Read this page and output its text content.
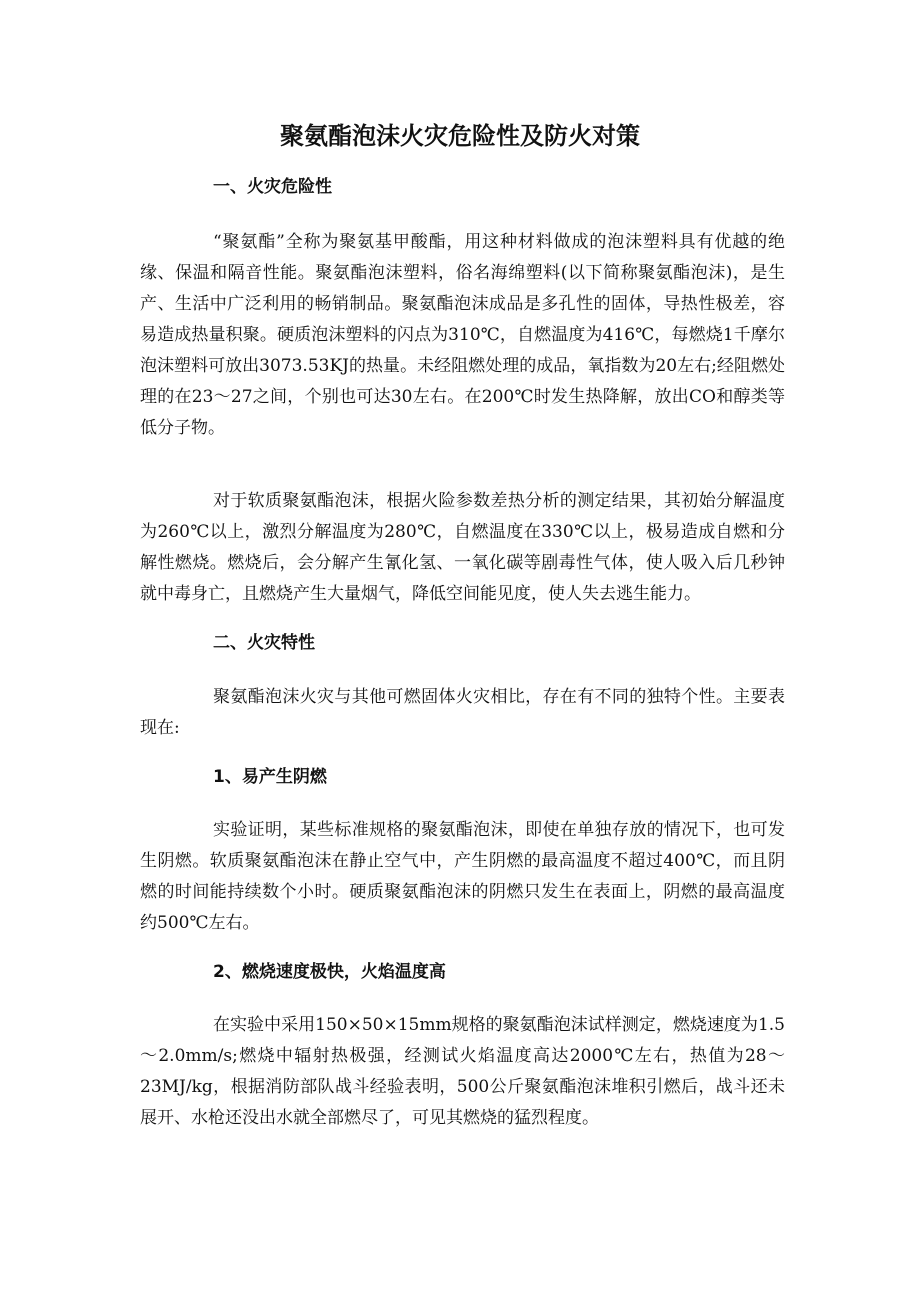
聚氨酯泡沫火灾危险性及防火对策
一、火灾危险性

“聚氨酯”全称为聚氨基甲酸酯，用这种材料做成的泡沫塑料具有优越的绝缘、保温和隔音性能。聚氨酯泡沫塑料，俗名海绵塑料(以下简称聚氨酯泡沫)，是生产、生活中广泛利用的畅销制品。聚氨酯泡沫成品是多孔性的固体，导热性极差，容易造成热量积聚。硬质泡沫塑料的闪点为310℃，自燃温度为416℃，每燃烧1千摩尔泡沫塑料可放出3073.53KJ的热量。未经阻燃处理的成品，氧指数为20左右;经阻燃处理的在23～27之间，个别也可达30左右。在200℃时发生热降解，放出CO和醇类等低分子物。

对于软质聚氨酯泡沫，根据火险参数差热分析的测定结果，其初始分解温度为260℃以上，激烈分解温度为280℃，自燃温度在330℃以上，极易造成自燃和分解性燃烧。燃烧后，会分解产生氰化氢、一氧化碳等剧毒性气体，使人吸入后几秒钟就中毒身亡，且燃烧产生大量烟气，降低空间能见度，使人失去逃生能力。

二、火灾特性

聚氨酯泡沫火灾与其他可燃固体火灾相比，存在有不同的独特个性。主要表现在:

1、易产生阴燃

实验证明，某些标准规格的聚氨酯泡沫，即使在单独存放的情况下，也可发生阴燃。软质聚氨酯泡沫在静止空气中，产生阴燃的最高温度不超过400℃，而且阴燃的时间能持续数个小时。硬质聚氨酯泡沫的阴燃只发生在表面上，阴燃的最高温度约500℃左右。

2、燃烧速度极快，火焰温度高

在实验中采用150×50×15mm规格的聚氨酯泡沫试样测定，燃烧速度为1.5～2.0mm/s;燃烧中辐射热极强，经测试火焰温度高达2000℃左右，热值为28～23MJ/kg，根据消防部队战斗经验表明，500公斤聚氨酯泡沫堆积引燃后，战斗还未展开、水枪还没出水就全部燃尽了，可见其燃烧的猛烈程度。
